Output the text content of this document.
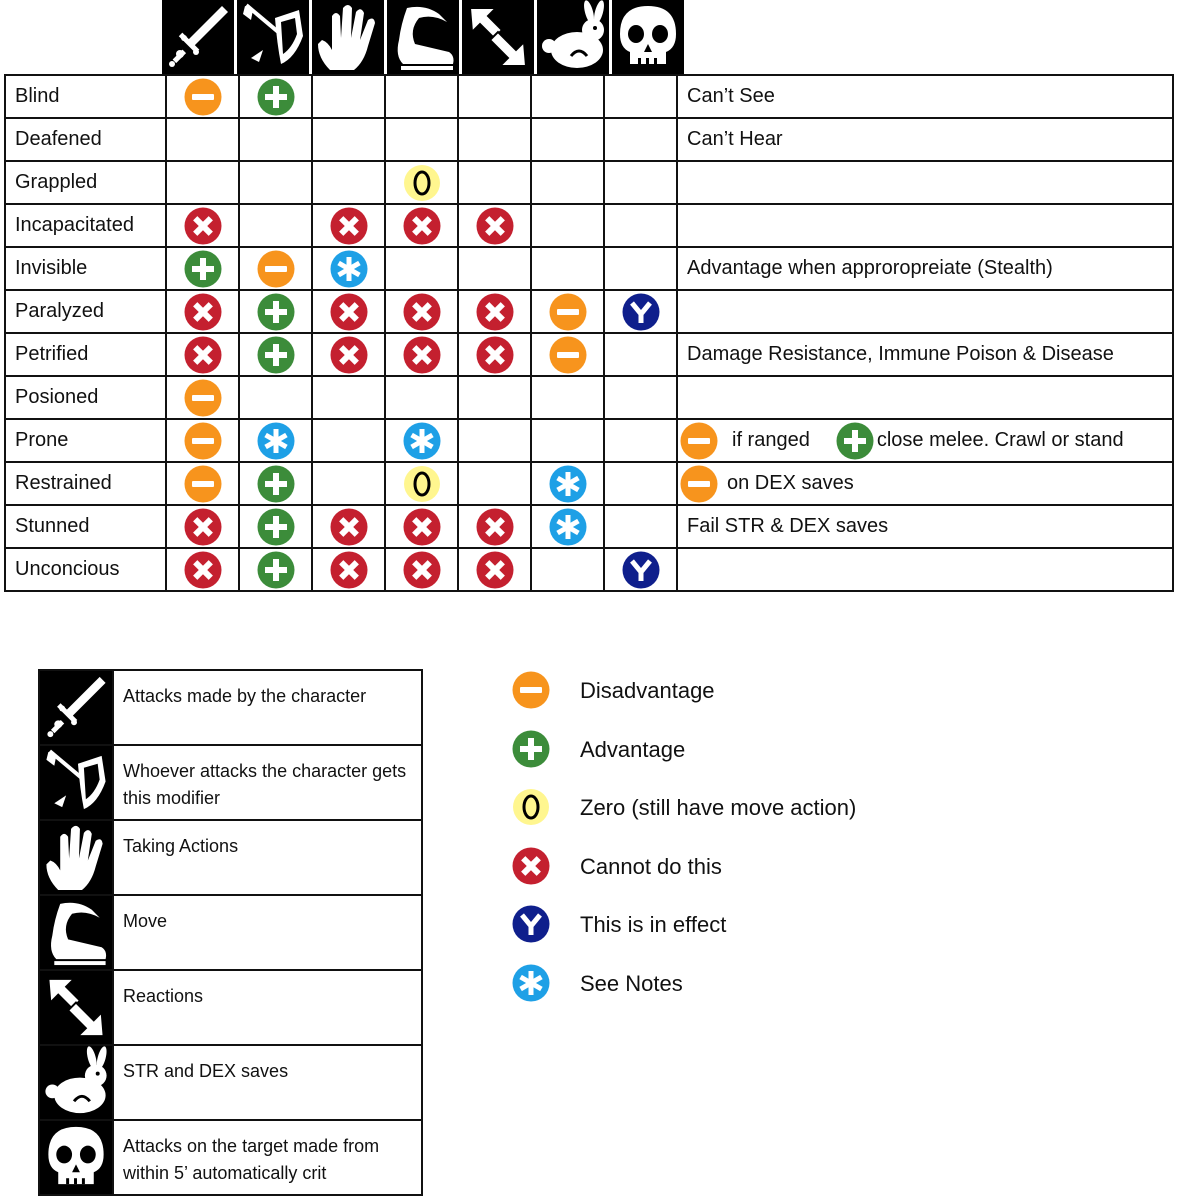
Blind								Can’t See
Deafened								Can’t Hear
Grappled				

Incapacitated	

Invisible								Advantage when approropreiate (Stealth)
Paralyzed	

Petrified								Damage Resistance, Immune Poison & Disease
Posioned	

Prone								if ranged close melee. Crawl or stand
Restrained								on DEX saves
Stunned								Fail STR & DEX saves
Unconcious	

	Attacks made by the character

	Whoever attacks the character gets this modifier

	Taking Actions

	Move

	Reactions

	STR and DEX saves

	Attacks on the target made from within 5’ automatically crit
Disadvantage
Advantage
Zero (still have move action)
Cannot do this
This is in effect
See Notes
